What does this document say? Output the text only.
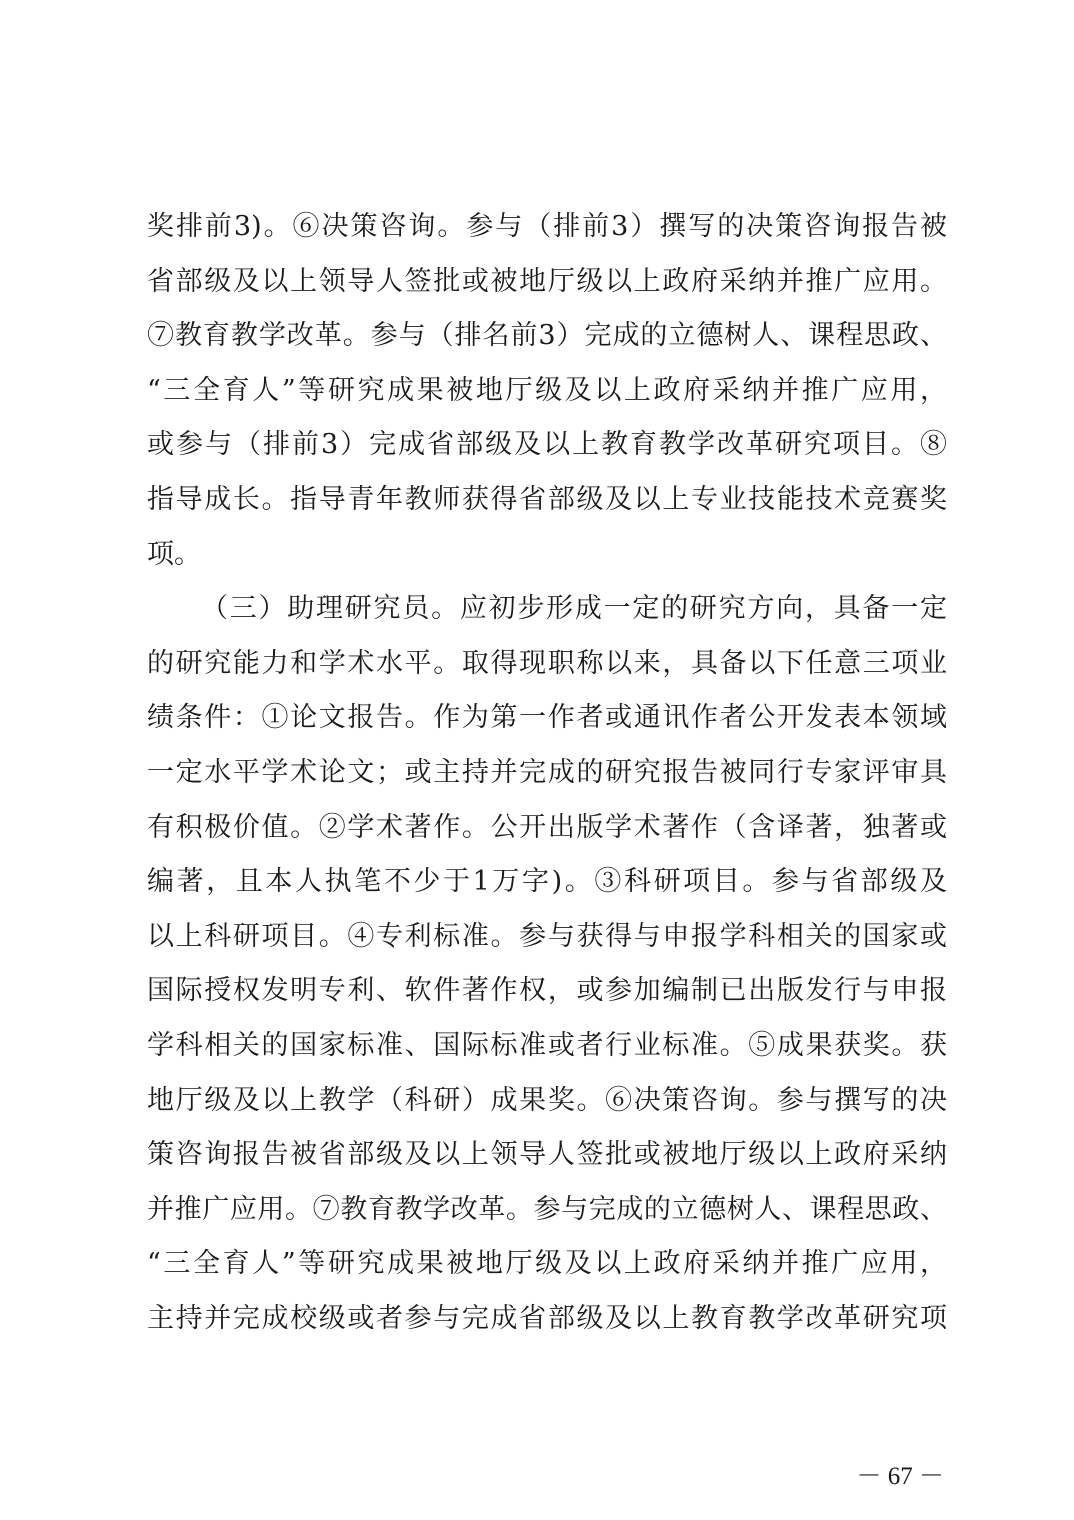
奖排前3)。⑥决策咨询。参与（排前3）撰写的决策咨询报告被
省部级及以上领导人签批或被地厅级以上政府采纳并推广应用。
⑦教育教学改革。参与（排名前3）完成的立德树人、课程思政、
“三全育人”等研究成果被地厅级及以上政府采纳并推广应用，
或参与（排前3）完成省部级及以上教育教学改革研究项目。⑧
指导成长。指导青年教师获得省部级及以上专业技能技术竞赛奖
项。
（三）助理研究员。应初步形成一定的研究方向，具备一定
的研究能力和学术水平。取得现职称以来，具备以下任意三项业
绩条件：①论文报告。作为第一作者或通讯作者公开发表本领域
一定水平学术论文；或主持并完成的研究报告被同行专家评审具
有积极价值。②学术著作。公开出版学术著作（含译著，独著或
编著，且本人执笔不少于1万字)。③科研项目。参与省部级及
以上科研项目。④专利标准。参与获得与申报学科相关的国家或
国际授权发明专利、软件著作权，或参加编制已出版发行与申报
学科相关的国家标准、国际标准或者行业标准。⑤成果获奖。获
地厅级及以上教学（科研）成果奖。⑥决策咨询。参与撰写的决
策咨询报告被省部级及以上领导人签批或被地厅级以上政府采纳
并推广应用。⑦教育教学改革。参与完成的立德树人、课程思政、
“三全育人”等研究成果被地厅级及以上政府采纳并推广应用，
主持并完成校级或者参与完成省部级及以上教育教学改革研究项
－ 67 －
